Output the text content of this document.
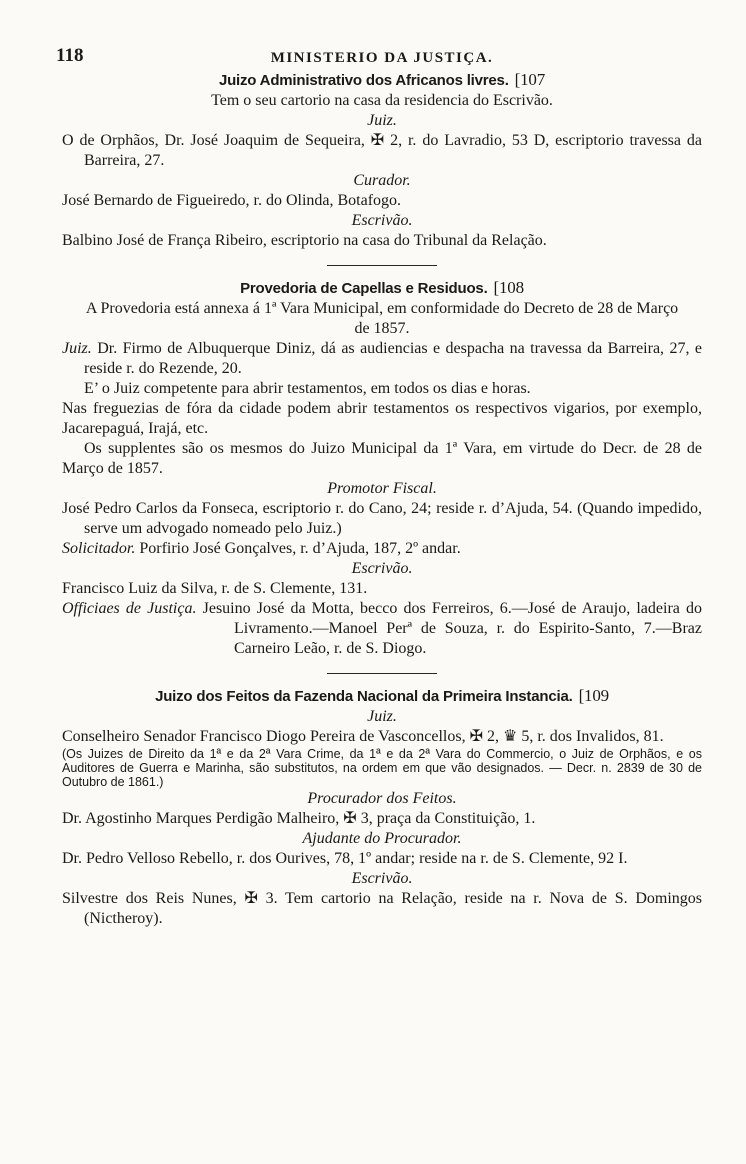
118	MINISTERIO DA JUSTIÇA.
Juizo Administrativo dos Africanos livres. [107
Tem o seu cartorio na casa da residencia do Escrivão.
Juiz.
O de Orphãos, Dr. José Joaquim de Sequeira, ✠ 2, r. do Lavradio, 53 D, escriptorio travessa da Barreira, 27.
Curador.
José Bernardo de Figueiredo, r. do Olinda, Botafogo.
Escrivão.
Balbino José de França Ribeiro, escriptorio na casa do Tribunal da Relação.
Provedoria de Capellas e Residuos. [108
A Provedoria está annexa á 1ª Vara Municipal, em conformidade do Decreto de 28 de Março de 1857.
Juiz. Dr. Firmo de Albuquerque Diniz, dá as audiencias e despacha na travessa da Barreira, 27, e reside r. do Rezende, 20.
E’ o Juiz competente para abrir testamentos, em todos os dias e horas.
Nas freguezias de fóra da cidade podem abrir testamentos os respectivos vigarios, por exemplo, Jacarepaguá, Irajá, etc.
Os supplentes são os mesmos do Juizo Municipal da 1ª Vara, em virtude do Decr. de 28 de Março de 1857.
Promotor Fiscal.
José Pedro Carlos da Fonseca, escriptorio r. do Cano, 24; reside r. d’Ajuda, 54. (Quando impedido, serve um advogado nomeado pelo Juiz.)
Solicitador. Porfirio José Gonçalves, r. d’Ajuda, 187, 2º andar.
Escrivão.
Francisco Luiz da Silva, r. de S. Clemente, 131.
Officiaes de Justiça. Jesuino José da Motta, becco dos Ferreiros, 6.—José de Araujo, ladeira do Livramento.—Manoel Perª de Souza, r. do Espirito-Santo, 7.—Braz Carneiro Leão, r. de S. Diogo.
Juizo dos Feitos da Fazenda Nacional da Primeira Instancia. [109
Juiz.
Conselheiro Senador Francisco Diogo Pereira de Vasconcellos, ✠ 2, ♛ 5, r. dos Invalidos, 81.
(Os Juizes de Direito da 1ª e da 2ª Vara Crime, da 1ª e da 2ª Vara do Commercio, o Juiz de Orphãos, e os Auditores de Guerra e Marinha, são substitutos, na ordem em que vão designados. — Decr. n. 2839 de 30 de Outubro de 1861.)
Procurador dos Feitos.
Dr. Agostinho Marques Perdigão Malheiro, ✠ 3, praça da Constituição, 1.
Ajudante do Procurador.
Dr. Pedro Velloso Rebello, r. dos Ourives, 78, 1º andar; reside na r. de S. Clemente, 92 I.
Escrivão.
Silvestre dos Reis Nunes, ✠ 3. Tem cartorio na Relação, reside na r. Nova de S. Domingos (Nictheroy).
